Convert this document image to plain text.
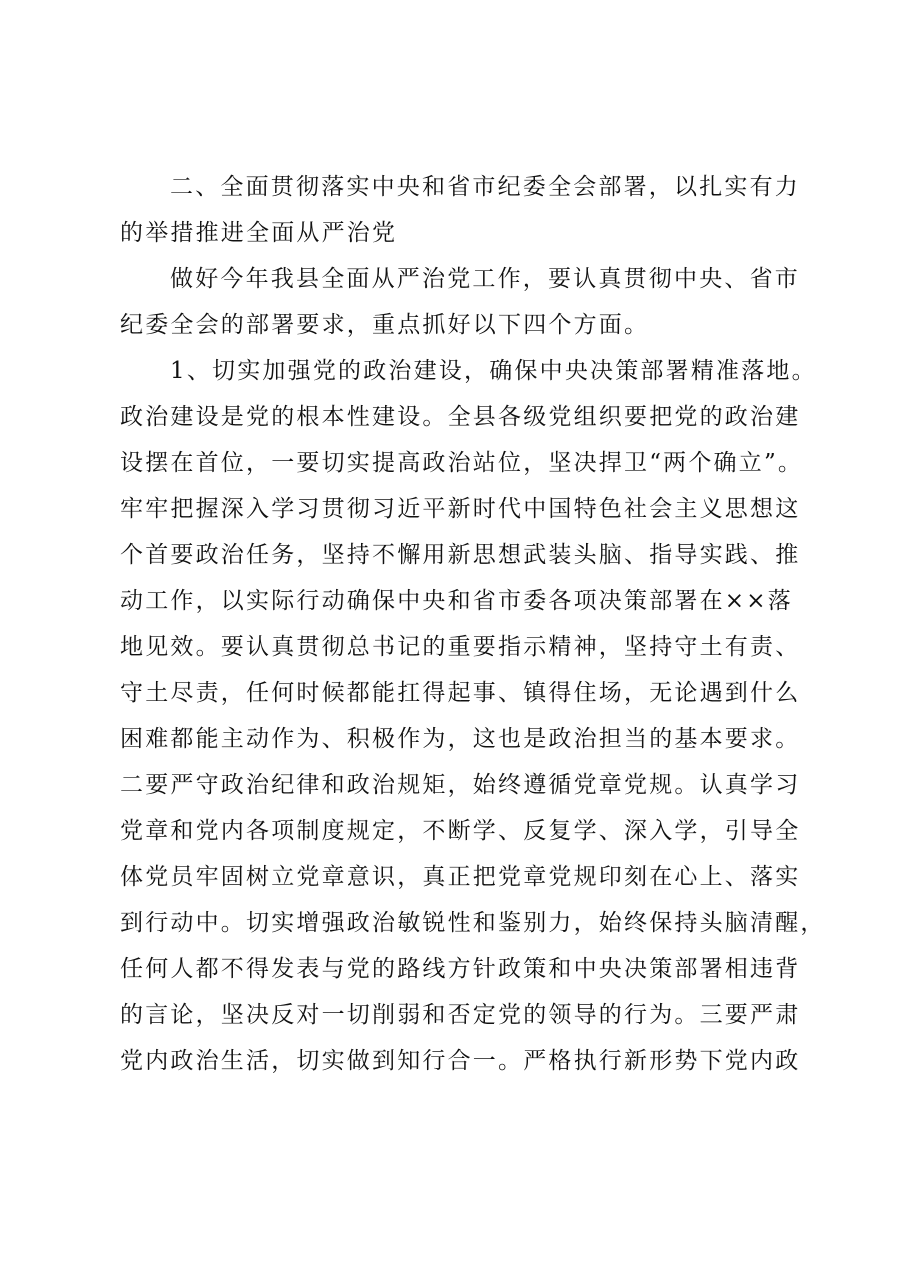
二、全面贯彻落实中央和省市纪委全会部署，以扎实有力
的举措推进全面从严治党
做好今年我县全面从严治党工作，要认真贯彻中央、省市
纪委全会的部署要求，重点抓好以下四个方面。
1、切实加强党的政治建设，确保中央决策部署精准落地。
政治建设是党的根本性建设。全县各级党组织要把党的政治建
设摆在首位，一要切实提高政治站位，坚决捍卫“两个确立”。
牢牢把握深入学习贯彻习近平新时代中国特色社会主义思想这
个首要政治任务，坚持不懈用新思想武装头脑、指导实践、推
动工作，以实际行动确保中央和省市委各项决策部署在××落
地见效。要认真贯彻总书记的重要指示精神，坚持守土有责、
守土尽责，任何时候都能扛得起事、镇得住场，无论遇到什么
困难都能主动作为、积极作为，这也是政治担当的基本要求。
二要严守政治纪律和政治规矩，始终遵循党章党规。认真学习
党章和党内各项制度规定，不断学、反复学、深入学，引导全
体党员牢固树立党章意识，真正把党章党规印刻在心上、落实
到行动中。切实增强政治敏锐性和鉴别力，始终保持头脑清醒，
任何人都不得发表与党的路线方针政策和中央决策部署相违背
的言论，坚决反对一切削弱和否定党的领导的行为。三要严肃
党内政治生活，切实做到知行合一。严格执行新形势下党内政
